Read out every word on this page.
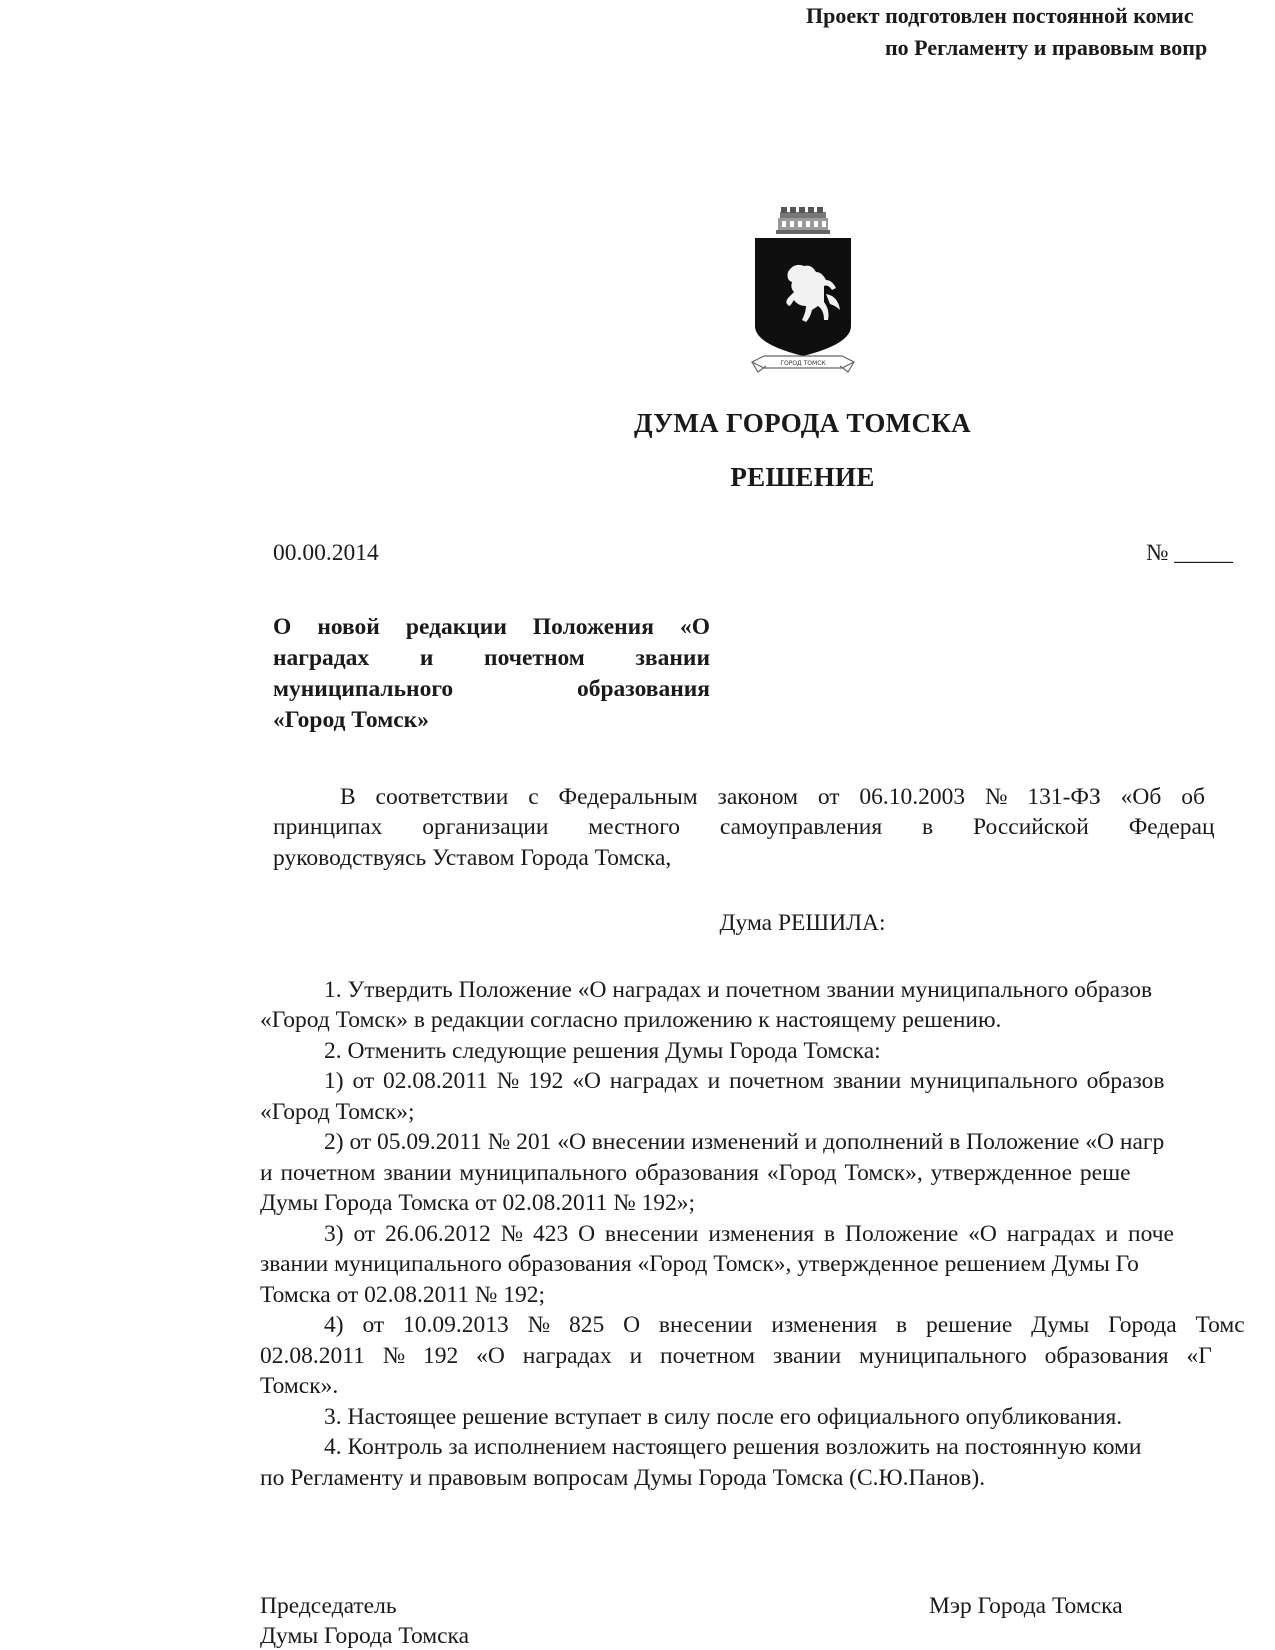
Проект подготовлен постоянной комис
по Регламенту и правовым вопр
ГОРОД ТОМСК
ДУМА ГОРОДА ТОМСКА
РЕШЕНИЕ
00.00.2014	№ _____
О новой редакции Положения «О
наградах и почетном звании
муниципального образования
«Город Томск»
В соответствии с Федеральным законом от 06.10.2003 № 131-ФЗ «Об об
принципах организации местного самоуправления в Российской Федерац
руководствуясь Уставом Города Томска,
Дума РЕШИЛА:
1. Утвердить Положение «О наградах и почетном звании муниципального образов
«Город Томск» в редакции согласно приложению к настоящему решению.
2. Отменить следующие решения Думы Города Томска:
1) от 02.08.2011 № 192 «О наградах и почетном звании муниципального образов
«Город Томск»;
2) от 05.09.2011 № 201 «О внесении изменений и дополнений в Положение «О нагр
и почетном звании муниципального образования «Город Томск», утвержденное реше
Думы Города Томска от 02.08.2011 № 192»;
3) от 26.06.2012 № 423 О внесении изменения в Положение «О наградах и поче
звании муниципального образования «Город Томск», утвержденное решением Думы Го
Томска от 02.08.2011 № 192;
4) от 10.09.2013 № 825 О внесении изменения в решение Думы Города Томс
02.08.2011 № 192 «О наградах и почетном звании муниципального образования «Г
Томск».
3. Настоящее решение вступает в силу после его официального опубликования.
4. Контроль за исполнением настоящего решения возложить на постоянную коми
по Регламенту и правовым вопросам Думы Города Томска (С.Ю.Панов).
Председатель
Думы Города Томска
Мэр Города Томска
